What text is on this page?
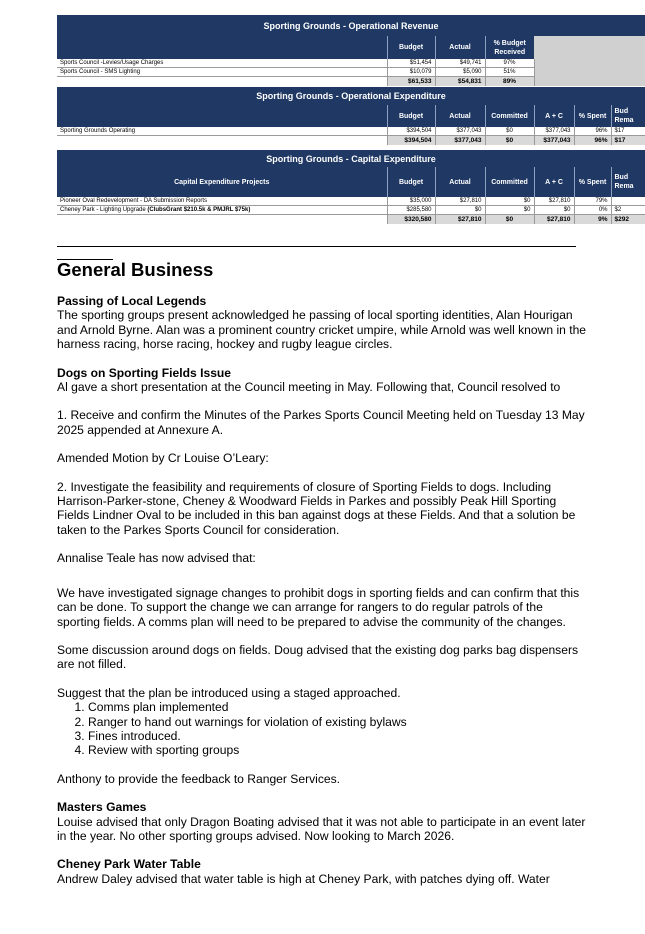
Sporting Grounds - Operational Revenue				
	Budget	Actual	% Budget Received	
Sports Council -Levies/Usage Charges	$51,454	$49,741	97%	
Sports Council - SMS Lighting	$10,079	$5,090	51%	
	$61,533	$54,831	89%	
Sporting Grounds - Operational Expenditure						
	Budget	Actual	Committed	A + C	% Spent	Bud Rema
Sporting Grounds Operating	$394,504	$377,043	$0	$377,043	96%	$17
	$394,504	$377,043	$0	$377,043	96%	$17
Sporting Grounds - Capital Expenditure						
Capital Expenditure Projects	Budget	Actual	Committed	A + C	% Spent	Bud Rema
Pioneer Oval Redevelopment - DA Submission Reports	$35,000	$27,810	$0	$27,810	79%	
Cheney Park - Lighting Upgrade (ClubsGrant $210.5k & PMJRL $75k)	$285,580	$0	$0	$0	0%	$2
	$320,580	$27,810	$0	$27,810	9%	$292
General Business
Passing of Local Legends

The sporting groups present acknowledged he passing of local sporting identities, Alan Hourigan and Arnold Byrne. Alan was a prominent country cricket umpire, while Arnold was well known in the harness racing, horse racing, hockey and rugby league circles.

Dogs on Sporting Fields Issue

Al gave a short presentation at the Council meeting in May. Following that, Council resolved to

1. Receive and confirm the Minutes of the Parkes Sports Council Meeting held on Tuesday 13 May 2025 appended at Annexure A.

Amended Motion by Cr Louise O’Leary:

2. Investigate the feasibility and requirements of closure of Sporting Fields to dogs. Including Harrison-Parker-stone, Cheney & Woodward Fields in Parkes and possibly Peak Hill Sporting Fields Lindner Oval to be included in this ban against dogs at these Fields. And that a solution be taken to the Parkes Sports Council for consideration.

Annalise Teale has now advised that:

We have investigated signage changes to prohibit dogs in sporting fields and can confirm that this can be done. To support the change we can arrange for rangers to do regular patrols of the sporting fields. A comms plan will need to be prepared to advise the community of the changes.

Some discussion around dogs on fields. Doug advised that the existing dog parks bag dispensers are not filled.

Suggest that the plan be introduced using a staged approached.

1. Comms plan implemented
2. Ranger to hand out warnings for violation of existing bylaws
3. Fines introduced.
4. Review with sporting groups

Anthony to provide the feedback to Ranger Services.

Masters Games

Louise advised that only Dragon Boating advised that it was not able to participate in an event later in the year. No other sporting groups advised. Now looking to March 2026.

Cheney Park Water Table

Andrew Daley advised that water table is high at Cheney Park, with patches dying off. Water
